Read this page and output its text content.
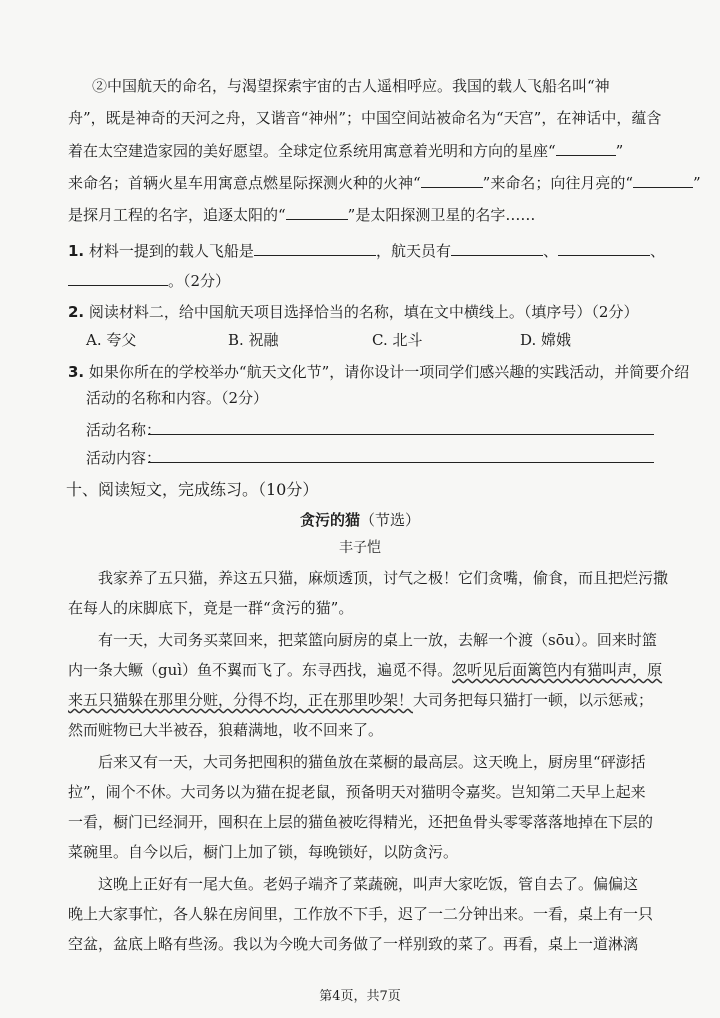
②中国航天的命名，与渴望探索宇宙的古人遥相呼应。我国的载人飞船名叫“神
舟”，既是神奇的天河之舟，又谐音“神州”；中国空间站被命名为“天宫”，在神话中，蕴含
着在太空建造家园的美好愿望。全球定位系统用寓意着光明和方向的星座“	”
来命名；首辆火星车用寓意点燃星际探测火种的火神“	”来命名；向往月亮的“	”
是探月工程的名字，追逐太阳的“	”是太阳探测卫星的名字……
1. 材料一提到的载人飞船是	，航天员有	、	、
。（2分）
2. 阅读材料二，给中国航天项目选择恰当的名称，填在文中横线上。（填序号）（2分）
A. 夸父	B. 祝融	C. 北斗	D. 嫦娥
3. 如果你所在的学校举办“航天文化节”，请你设计一项同学们感兴趣的实践活动，并简要介绍
活动的名称和内容。（2分）
活动名称：
活动内容：
十、阅读短文，完成练习。（10分）
贪污的猫（节选）
丰子恺
我家养了五只猫，养这五只猫，麻烦透顶，讨气之极！它们贪嘴，偷食，而且把烂污撒
在每人的床脚底下，竟是一群“贪污的猫”。
有一天，大司务买菜回来，把菜篮向厨房的桌上一放，去解一个渡（sōu）。回来时篮
内一条大鳜（guì）鱼不翼而飞了。东寻西找，遍觅不得。忽听见后面篱笆内有猫叫声，原
来五只猫躲在那里分赃，分得不均，正在那里吵架！大司务把每只猫打一顿，以示惩戒；
然而赃物已大半被吞，狼藉满地，收不回来了。
后来又有一天，大司务把囤积的猫鱼放在菜橱的最高层。这天晚上，厨房里“砰澎括
拉”，闹个不休。大司务以为猫在捉老鼠，预备明天对猫明令嘉奖。岂知第二天早上起来
一看，橱门已经洞开，囤积在上层的猫鱼被吃得精光，还把鱼骨头零零落落地掉在下层的
菜碗里。自今以后，橱门上加了锁，每晚锁好，以防贪污。
这晚上正好有一尾大鱼。老妈子端齐了菜蔬碗，叫声大家吃饭，管自去了。偏偏这
晚上大家事忙，各人躲在房间里，工作放不下手，迟了一二分钟出来。一看，桌上有一只
空盆，盆底上略有些汤。我以为今晚大司务做了一样别致的菜了。再看，桌上一道淋漓
第4页，共7页
